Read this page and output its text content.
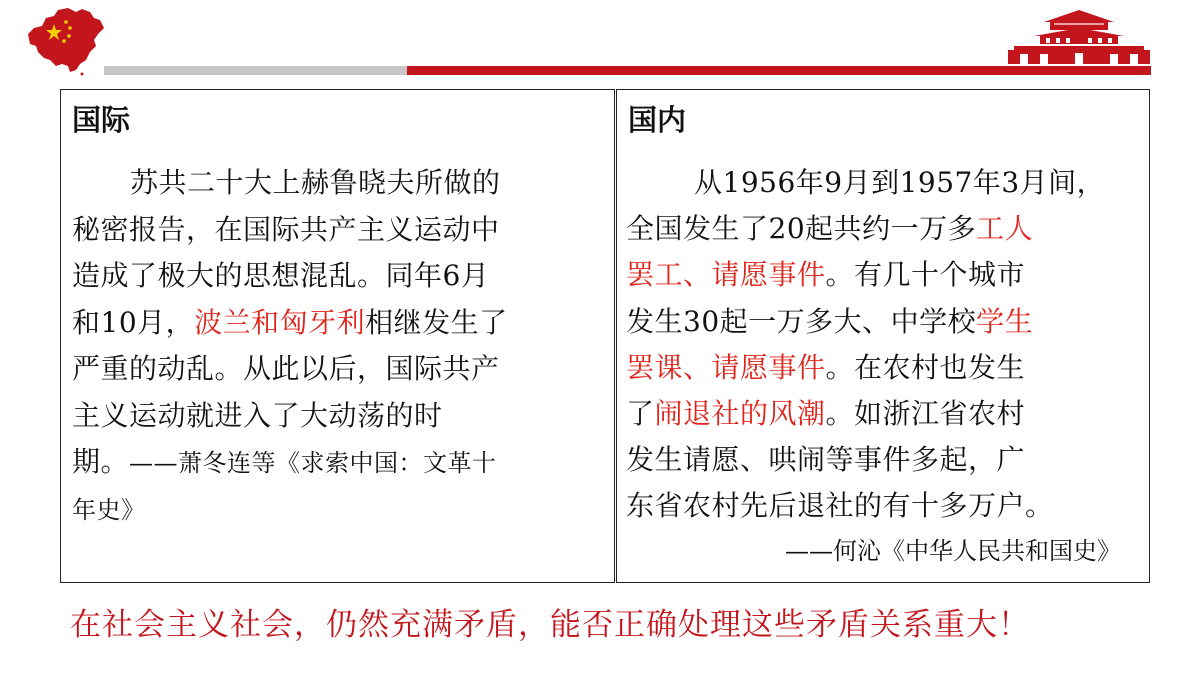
国际
苏共二十大上赫鲁晓夫所做的
秘密报告，在国际共产主义运动中
造成了极大的思想混乱。同年6月
和10月，波兰和匈牙利相继发生了
严重的动乱。从此以后，国际共产
主义运动就进入了大动荡的时
期。——萧冬连等《求索中国：文革十
年史》
国内
从1956年9月到1957年3月间，
全国发生了20起共约一万多工人
罢工、请愿事件。有几十个城市
发生30起一万多大、中学校学生
罢课、请愿事件。在农村也发生
了闹退社的风潮。如浙江省农村
发生请愿、哄闹等事件多起，广
东省农村先后退社的有十多万户。
——何沁《中华人民共和国史》
在社会主义社会，仍然充满矛盾，能否正确处理这些矛盾关系重大！
